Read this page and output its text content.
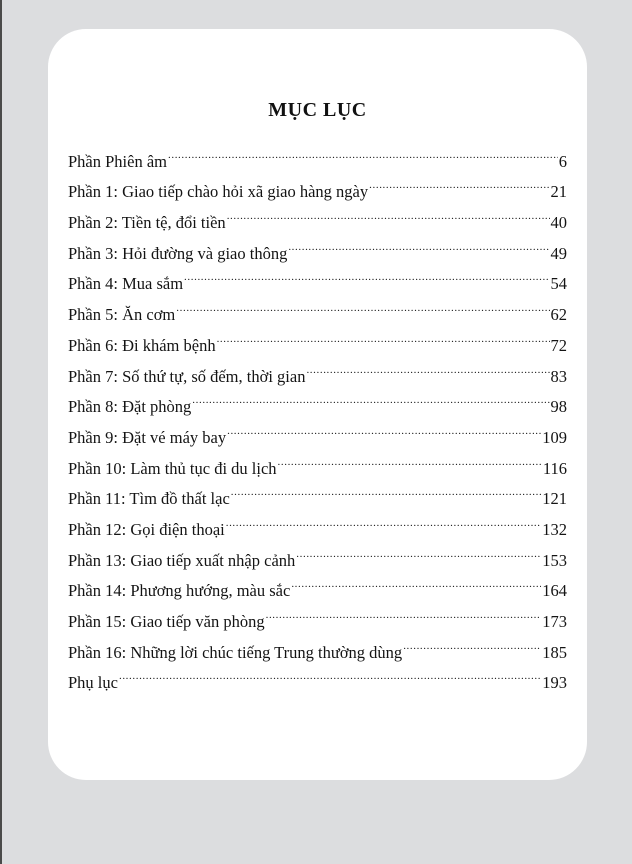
MỤC LỤC
Phần Phiên âm .....	6
Phần 1: Giao tiếp chào hỏi xã giao hàng ngày .....	21
Phần 2: Tiền tệ, đổi tiền .....	40
Phần 3: Hỏi đường và giao thông .....	49
Phần 4: Mua sắm .....	54
Phần 5: Ăn cơm .....	62
Phần 6: Đi khám bệnh .....	72
Phần 7: Số thứ tự, số đếm, thời gian .....	83
Phần 8: Đặt phòng .....	98
Phần 9: Đặt vé máy bay .....	109
Phần 10: Làm thủ tục đi du lịch .....	116
Phần 11: Tìm đồ thất lạc .....	121
Phần 12: Gọi điện thoại .....	132
Phần 13: Giao tiếp xuất nhập cảnh .....	153
Phần 14: Phương hướng, màu sắc .....	164
Phần 15: Giao tiếp văn phòng .....	173
Phần 16: Những lời chúc tiếng Trung thường dùng .....	185
Phụ lục .....	193
